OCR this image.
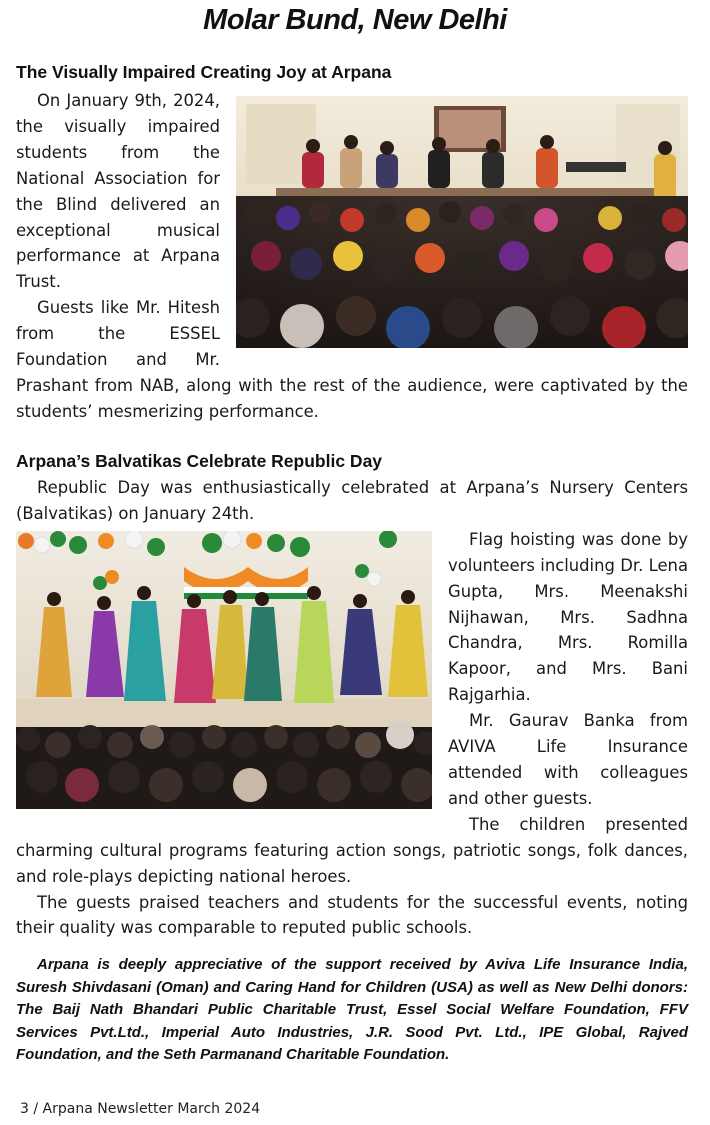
Molar Bund, New Delhi
The Visually Impaired Creating Joy at Arpana

On January 9th, 2024, the visually impaired students from the National Association for the Blind delivered an exceptional musical performance at Arpana Trust.

Guests like Mr. Hitesh from the ESSEL Foundation and Mr. Prashant from NAB, along with the rest of the audience, were captivated by the students’ mesmerizing performance.

Arpana’s Balvatikas Celebrate Republic Day

Republic Day was enthusiastically celebrated at Arpana’s Nursery Centers (Balvatikas) on January 24th.

Flag hoisting was done by volunteers including Dr. Lena Gupta, Mrs. Meenakshi Nijhawan, Mrs. Sadhna Chandra, Mrs. Romilla Kapoor, and Mrs. Bani Rajgarhia.

Mr. Gaurav Banka from AVIVA Life Insurance attended with colleagues and other guests.

The children presented charming cultural programs featuring action songs, patriotic songs, folk dances, and role-plays depicting national heroes.

The guests praised teachers and students for the successful events, noting their quality was comparable to reputed public schools.

Arpana is deeply appreciative of the support received by Aviva Life Insurance India, Suresh Shivdasani (Oman) and Caring Hand for Children (USA) as well as New Delhi donors: The Baij Nath Bhandari Public Charitable Trust, Essel Social Welfare Foundation, FFV Services Pvt.Ltd., Imperial Auto Industries, J.R. Sood Pvt. Ltd., IPE Global, Rajved Foundation, and the Seth Parmanand Charitable Foundation.
3 / Arpana Newsletter March 2024
